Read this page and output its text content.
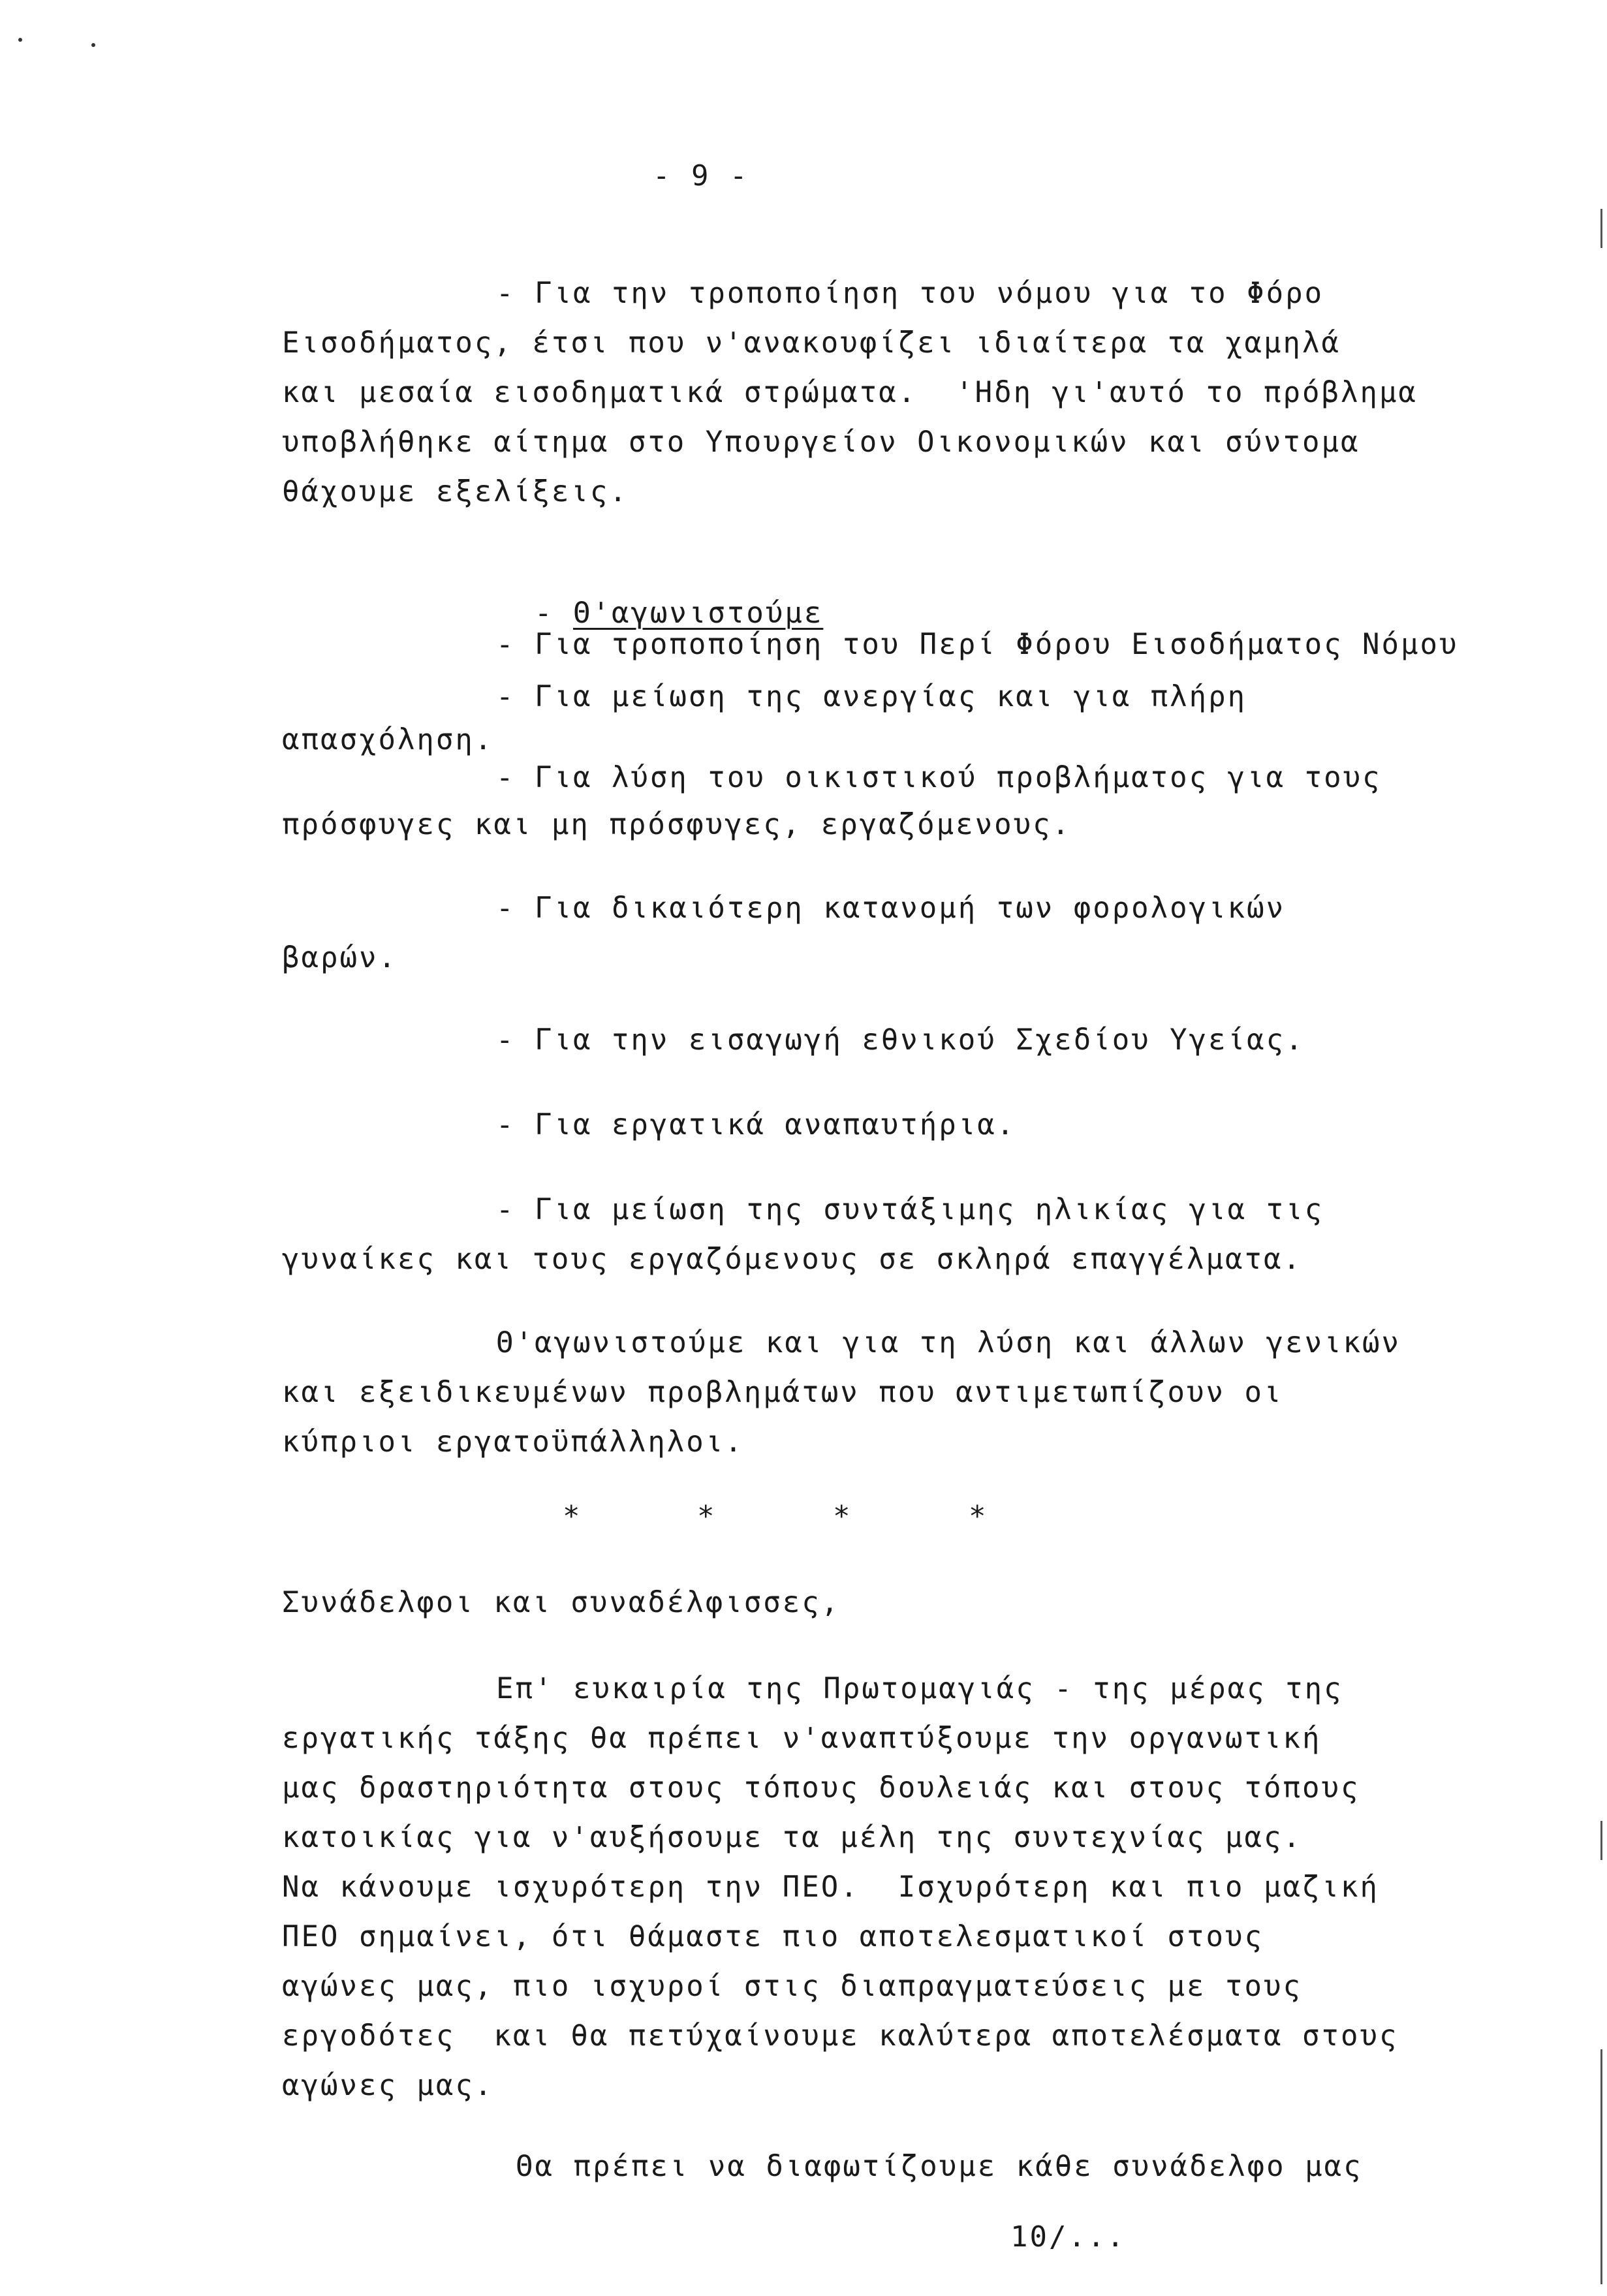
- 9 -

- Για την τροποποίηση του νόμου για το Φόρο

Εισοδήματος, έτσι που ν'ανακουφίζει ιδιαίτερα τα χαμηλά

και μεσαία εισοδηματικά στρώματα.  'Ηδη γι'αυτό το πρόβλημα

υποβλήθηκε αίτημα στο Υπουργείον Οικονομικών και σύντομα

θάχουμε εξελίξεις.

- Θ'αγωνιστούμε

- Για τροποποίηση του Περί Φόρου Εισοδήματος Νόμου

- Για μείωση της ανεργίας και για πλήρη

απασχόληση.

- Για λύση του οικιστικού προβλήματος για τους

πρόσφυγες και μη πρόσφυγες, εργαζόμενους.

- Για δικαιότερη κατανομή των φορολογικών

βαρών.

- Για την εισαγωγή εθνικού Σχεδίου Υγείας.

- Για εργατικά αναπαυτήρια.

- Για μείωση της συντάξιμης ηλικίας για τις

γυναίκες και τους εργαζόμενους σε σκληρά επαγγέλματα.

Θ'αγωνιστούμε και για τη λύση και άλλων γενικών

και εξειδικευμένων προβλημάτων που αντιμετωπίζουν οι

κύπριοι εργατοϋπάλληλοι.

*	*	*	*

Συνάδελφοι και συναδέλφισσες,

Επ' ευκαιρία της Πρωτομαγιάς - της μέρας της

εργατικής τάξης θα πρέπει ν'αναπτύξουμε την οργανωτική

μας δραστηριότητα στους τόπους δουλειάς και στους τόπους

κατοικίας για ν'αυξήσουμε τα μέλη της συντεχνίας μας.

Να κάνουμε ισχυρότερη την ΠΕΟ.  Ισχυρότερη και πιο μαζική

ΠΕΟ σημαίνει, ότι θάμαστε πιο αποτελεσματικοί στους

αγώνες μας, πιο ισχυροί στις διαπραγματεύσεις με τους

εργοδότες  και θα πετύχαίνουμε καλύτερα αποτελέσματα στους

αγώνες μας.

Θα πρέπει να διαφωτίζουμε κάθε συνάδελφο μας

10/...
